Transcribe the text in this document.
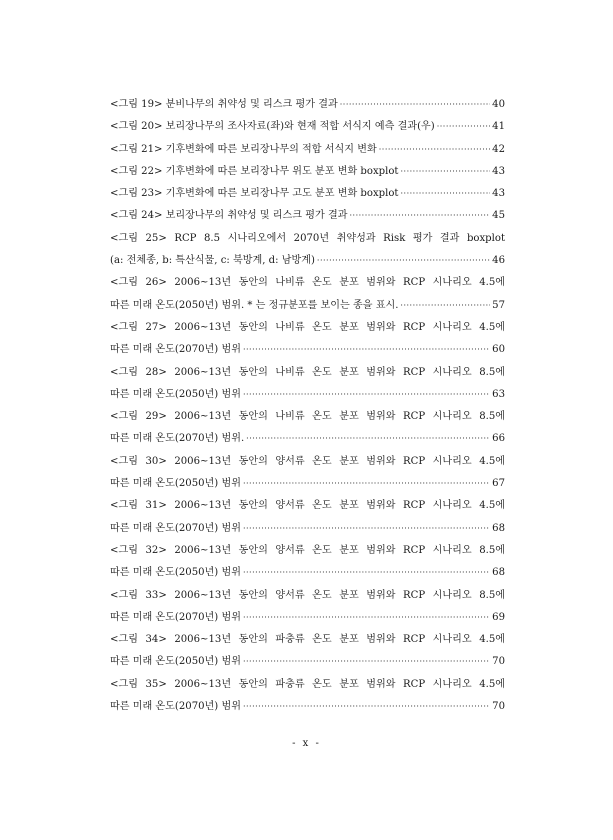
<그림 19> 분비나무의 취약성 및 리스크 평가 결과 ·····	40
<그림 20> 보리장나무의 조사자료(좌)와 현재 적합 서식지 예측 결과(우) ·····	41
<그림 21> 기후변화에 따른 보리장나무의 적합 서식지 변화 ·····	42
<그림 22> 기후변화에 따른 보리장나무 위도 분포 변화 boxplot ·····	43
<그림 23> 기후변화에 따른 보리장나무 고도 분포 변화 boxplot ·····	43
<그림 24> 보리장나무의 취약성 및 리스크 평가 결과 ·····	45
<그림 25> RCP 8.5 시나리오에서 2070년 취약성과 Risk 평가 결과 boxplot
(a: 전체종, b: 특산식물, c: 북방계, d: 남방계) ·····	46
<그림 26> 2006~13년 동안의 나비류 온도 분포 범위와 RCP 시나리오 4.5에
따른 미래 온도(2050년) 범위. * 는 정규분포를 보이는 종을 표시. ·····	57
<그림 27> 2006~13년 동안의 나비류 온도 분포 범위와 RCP 시나리오 4.5에
따른 미래 온도(2070년) 범위 ·····	60
<그림 28> 2006~13년 동안의 나비류 온도 분포 범위와 RCP 시나리오 8.5에
따른 미래 온도(2050년) 범위 ·····	63
<그림 29> 2006~13년 동안의 나비류 온도 분포 범위와 RCP 시나리오 8.5에
따른 미래 온도(2070년) 범위. ·····	66
<그림 30> 2006~13년 동안의 양서류 온도 분포 범위와 RCP 시나리오 4.5에
따른 미래 온도(2050년) 범위 ·····	67
<그림 31> 2006~13년 동안의 양서류 온도 분포 범위와 RCP 시나리오 4.5에
따른 미래 온도(2070년) 범위 ·····	68
<그림 32> 2006~13년 동안의 양서류 온도 분포 범위와 RCP 시나리오 8.5에
따른 미래 온도(2050년) 범위 ·····	68
<그림 33> 2006~13년 동안의 양서류 온도 분포 범위와 RCP 시나리오 8.5에
따른 미래 온도(2070년) 범위 ·····	69
<그림 34> 2006~13년 동안의 파충류 온도 분포 범위와 RCP 시나리오 4.5에
따른 미래 온도(2050년) 범위 ·····	70
<그림 35> 2006~13년 동안의 파충류 온도 분포 범위와 RCP 시나리오 4.5에
따른 미래 온도(2070년) 범위 ·····	70
- x -
